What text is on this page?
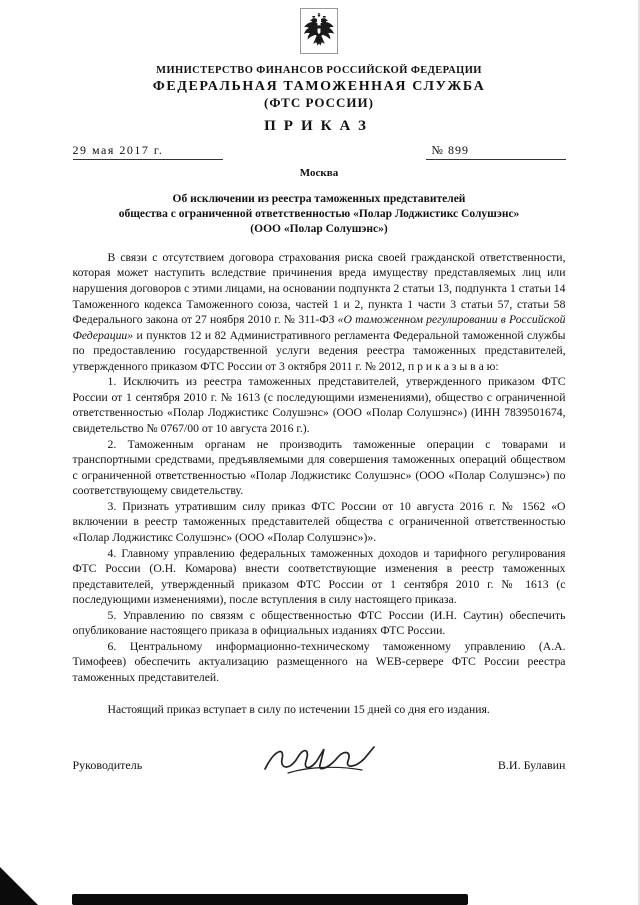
МИНИСТЕРСТВО ФИНАНСОВ РОССИЙСКОЙ ФЕДЕРАЦИИ
ФЕДЕРАЛЬНАЯ ТАМОЖЕННАЯ СЛУЖБА
(ФТС РОССИИ)
ПРИКАЗ
29 мая 2017 г.	№ 899
Москва
Об исключении из реестра таможенных представителей
общества с ограниченной ответственностью «Полар Лоджистикс Солушэнс»
(ООО «Полар Солушэнс»)

В связи с отсутствием договора страхования риска своей гражданской ответственности, которая может наступить вследствие причинения вреда имуществу представляемых лиц или нарушения договоров с этими лицами, на основании подпункта 2 статьи 13, подпункта 1 статьи 14 Таможенного кодекса Таможенного союза, частей 1 и 2, пункта 1 части 3 статьи 57, статьи 58 Федерального закона от 27 ноября 2010 г. № 311-ФЗ «О таможенном регулировании в Российской Федерации» и пунктов 12 и 82 Административного регламента Федеральной таможенной службы по предоставлению государственной услуги ведения реестра таможенных представителей, утвержденного приказом ФТС России от 3 октября 2011 г. № 2012, п р и к а з ы в а ю:

1. Исключить из реестра таможенных представителей, утвержденного приказом ФТС России от 1 сентября 2010 г. № 1613 (с последующими изменениями), общество с ограниченной ответственностью «Полар Лоджистикс Солушэнс» (ООО «Полар Солушэнс») (ИНН 7839501674, свидетельство № 0767/00 от 10 августа 2016 г.).

2. Таможенным органам не производить таможенные операции с товарами и транспортными средствами, предъявляемыми для совершения таможенных операций обществом с ограниченной ответственностью «Полар Лоджистикс Солушэнс» (ООО «Полар Солушэнс») по соответствующему свидетельству.

3. Признать утратившим силу приказ ФТС России от 10 августа 2016 г. № 1562 «О включении в реестр таможенных представителей общества с ограниченной ответственностью «Полар Лоджистикс Солушэнс» (ООО «Полар Солушэнс»)».

4. Главному управлению федеральных таможенных доходов и тарифного регулирования ФТС России (О.Н. Комарова) внести соответствующие изменения в реестр таможенных представителей, утвержденный приказом ФТС России от 1 сентября 2010 г. № 1613 (с последующими изменениями), после вступления в силу настоящего приказа.

5. Управлению по связям с общественностью ФТС России (И.Н. Саутин) обеспечить опубликование настоящего приказа в официальных изданиях ФТС России.

6. Центральному информационно-техническому таможенному управлению (А.А. Тимофеев) обеспечить актуализацию размещенного на WEB-сервере ФТС России реестра таможенных представителей.

Настоящий приказ вступает в силу по истечении 15 дней со дня его издания.

Руководитель	В.И. Булавин
